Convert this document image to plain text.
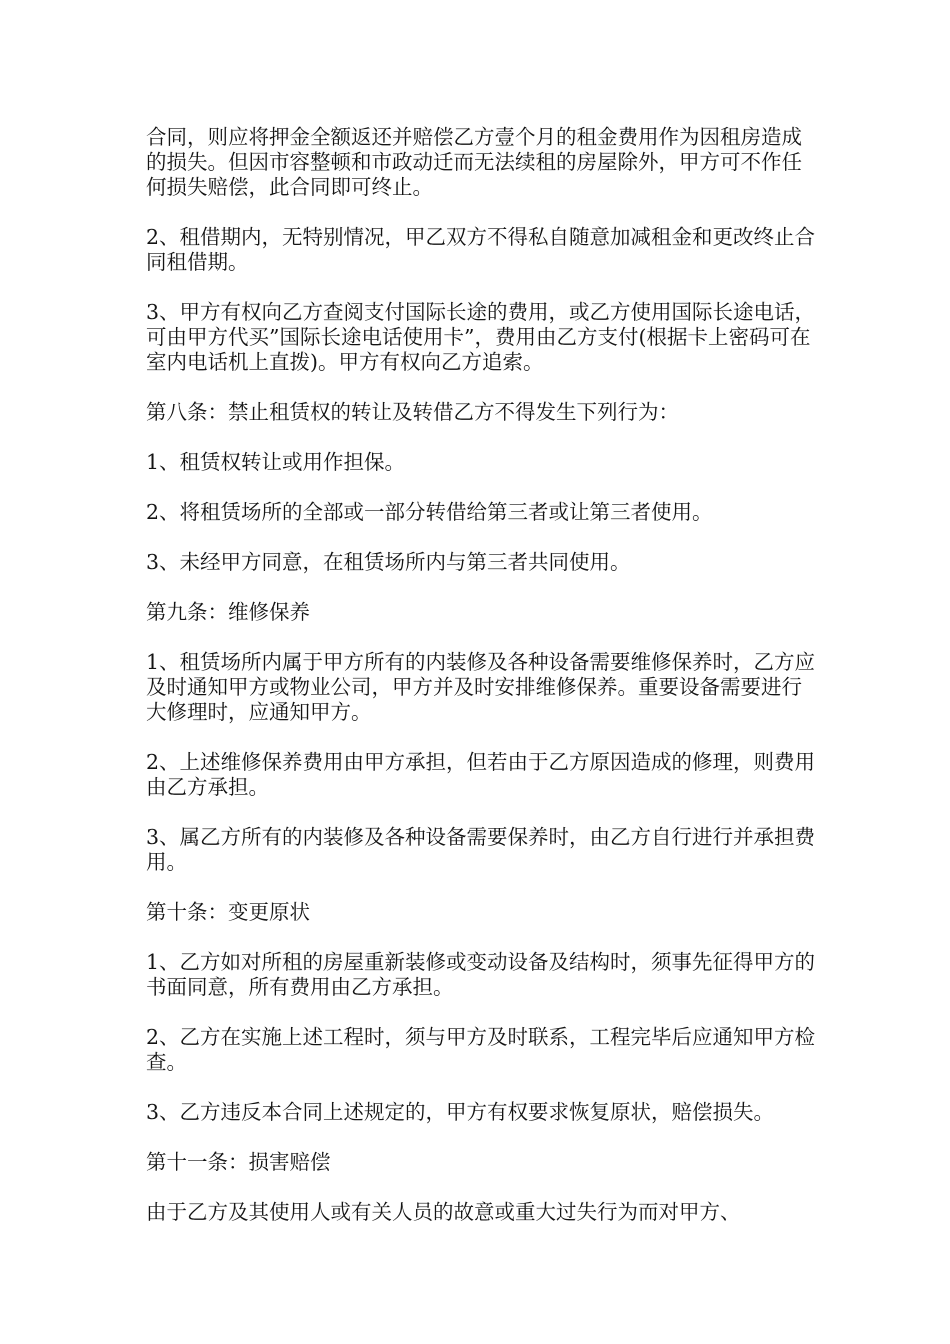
合同，则应将押金全额返还并赔偿乙方壹个月的租金费用作为因租房造成的损失。但因市容整顿和市政动迁而无法续租的房屋除外，甲方可不作任何损失赔偿，此合同即可终止。

2、租借期内，无特别情况，甲乙双方不得私自随意加减租金和更改终止合同租借期。

3、甲方有权向乙方查阅支付国际长途的费用，或乙方使用国际长途电话，可由甲方代买”国际长途电话使用卡”，费用由乙方支付(根据卡上密码可在室内电话机上直拨)。甲方有权向乙方追索。

第八条：禁止租赁权的转让及转借乙方不得发生下列行为：

1、租赁权转让或用作担保。

2、将租赁场所的全部或一部分转借给第三者或让第三者使用。

3、未经甲方同意，在租赁场所内与第三者共同使用。

第九条：维修保养

1、租赁场所内属于甲方所有的内装修及各种设备需要维修保养时，乙方应及时通知甲方或物业公司，甲方并及时安排维修保养。重要设备需要进行大修理时，应通知甲方。

2、上述维修保养费用由甲方承担，但若由于乙方原因造成的修理，则费用由乙方承担。

3、属乙方所有的内装修及各种设备需要保养时，由乙方自行进行并承担费用。

第十条：变更原状

1、乙方如对所租的房屋重新装修或变动设备及结构时，须事先征得甲方的书面同意，所有费用由乙方承担。

2、乙方在实施上述工程时，须与甲方及时联系，工程完毕后应通知甲方检查。

3、乙方违反本合同上述规定的，甲方有权要求恢复原状，赔偿损失。

第十一条：损害赔偿

由于乙方及其使用人或有关人员的故意或重大过失行为而对甲方、
